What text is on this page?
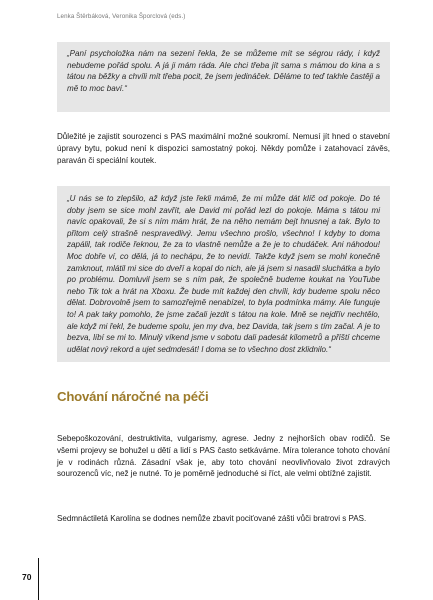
Lenka Štěrbáková, Veronika Šporclová (eds.)

„Paní psycholožka nám na sezení řekla, že se můžeme mít se ségrou rády, i když nebudeme pořád spolu. A já ji mám ráda. Ale chci třeba jít sama s mámou do kina a s tátou na běžky a chvíli mít třeba pocit, že jsem jedináček. Děláme to teď takhle častěji a mě to moc baví.“

Důležité je zajistit sourozenci s PAS maximální možné soukromí. Nemusí jít hned o stavební úpravy bytu, pokud není k dispozici samostatný pokoj. Někdy pomůže i zatahovací závěs, paraván či speciální koutek.

„U nás se to zlepšilo, až když jste řekli mámě, že mi může dát klíč od pokoje. Do té doby jsem se sice mohl zavřít, ale David mi pořád lezl do pokoje. Máma s tátou mi navíc opakovali, že si s ním mám hrát, že na něho nemám bejt hnusnej a tak. Bylo to přitom celý strašně nespravedlivý. Jemu všechno prošlo, všechno! I kdyby to doma zapálil, tak rodiče řeknou, že za to vlastně nemůže a že je to chudáček. Ani náhodou! Moc dobře ví, co dělá, já to nechápu, že to nevidí. Takže když jsem se mohl konečně zamknout, mlátil mi sice do dveří a kopal do nich, ale já jsem si nasadil sluchátka a bylo po problému. Domluvil jsem se s ním pak, že společně budeme koukat na YouTube nebo Tik tok a hrát na Xboxu. Že bude mít každej den chvíli, kdy budeme spolu něco dělat. Dobrovolně jsem to samozřejmě nenabízel, to byla podmínka mámy. Ale funguje to! A pak taky pomohlo, že jsme začali jezdit s tátou na kole. Mně se nejdřív nechtělo, ale když mi řekl, že budeme spolu, jen my dva, bez Davida, tak jsem s tím začal. A je to bezva, líbí se mi to. Minulý víkend jsme v sobotu dali padesát kilometrů a příští chceme udělat nový rekord a ujet sedmdesát! I doma se to všechno dost zklidnilo.“

Chování náročné na péči

Sebepoškozování, destruktivita, vulgarismy, agrese. Jedny z nejhorších obav rodičů. Se všemi projevy se bohužel u dětí a lidí s PAS často setkáváme. Míra tolerance tohoto chování je v rodinách různá. Zásadní však je, aby toto chování neovlivňovalo život zdravých sourozenců víc, než je nutné. To je poměrně jednoduché si říct, ale velmi obtížné zajistit.

Sedmnáctiletá Karolína se dodnes nemůže zbavit pociťované zášti vůči bratrovi s PAS.

70
